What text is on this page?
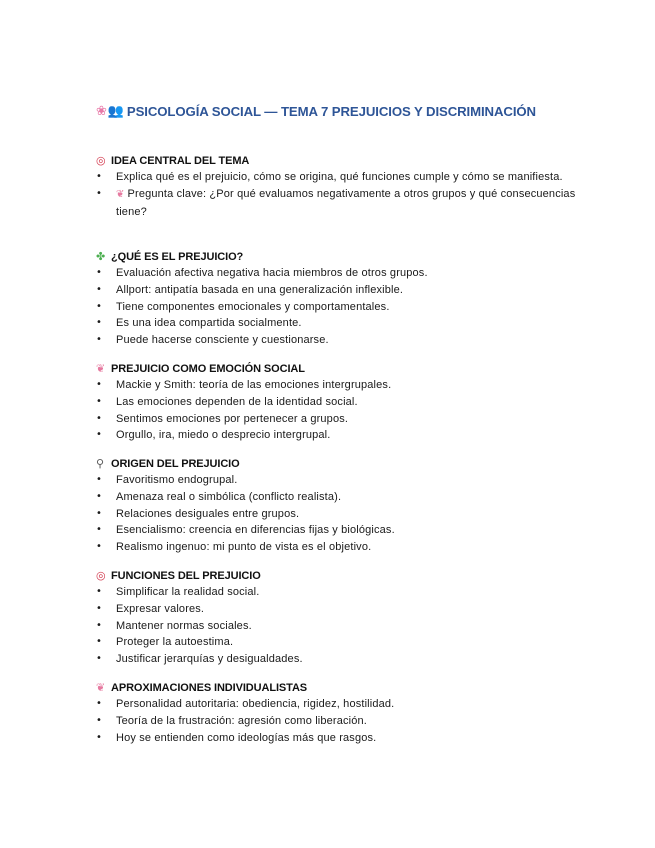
❀ 👥 PSICOLOGÍA SOCIAL — TEMA 7 PREJUICIOS Y DISCRIMINACIÓN
◎ IDEA CENTRAL DEL TEMA
• Explica qué es el prejuicio, cómo se origina, qué funciones cumple y cómo se manifiesta.
• ❦ Pregunta clave: ¿Por qué evaluamos negativamente a otros grupos y qué consecuencias tiene?
✤ ¿QUÉ ES EL PREJUICIO?
• Evaluación afectiva negativa hacia miembros de otros grupos.
• Allport: antipatía basada en una generalización inflexible.
• Tiene componentes emocionales y comportamentales.
• Es una idea compartida socialmente.
• Puede hacerse consciente y cuestionarse.
❦ PREJUICIO COMO EMOCIÓN SOCIAL
• Mackie y Smith: teoría de las emociones intergrupales.
• Las emociones dependen de la identidad social.
• Sentimos emociones por pertenecer a grupos.
• Orgullo, ira, miedo o desprecio intergrupal.
⚲ ORIGEN DEL PREJUICIO
• Favoritismo endogrupal.
• Amenaza real o simbólica (conflicto realista).
• Relaciones desiguales entre grupos.
• Esencialismo: creencia en diferencias fijas y biológicas.
• Realismo ingenuo: mi punto de vista es el objetivo.
◎ FUNCIONES DEL PREJUICIO
• Simplificar la realidad social.
• Expresar valores.
• Mantener normas sociales.
• Proteger la autoestima.
• Justificar jerarquías y desigualdades.
❦ APROXIMACIONES INDIVIDUALISTAS
• Personalidad autoritaria: obediencia, rigidez, hostilidad.
• Teoría de la frustración: agresión como liberación.
• Hoy se entienden como ideologías más que rasgos.
